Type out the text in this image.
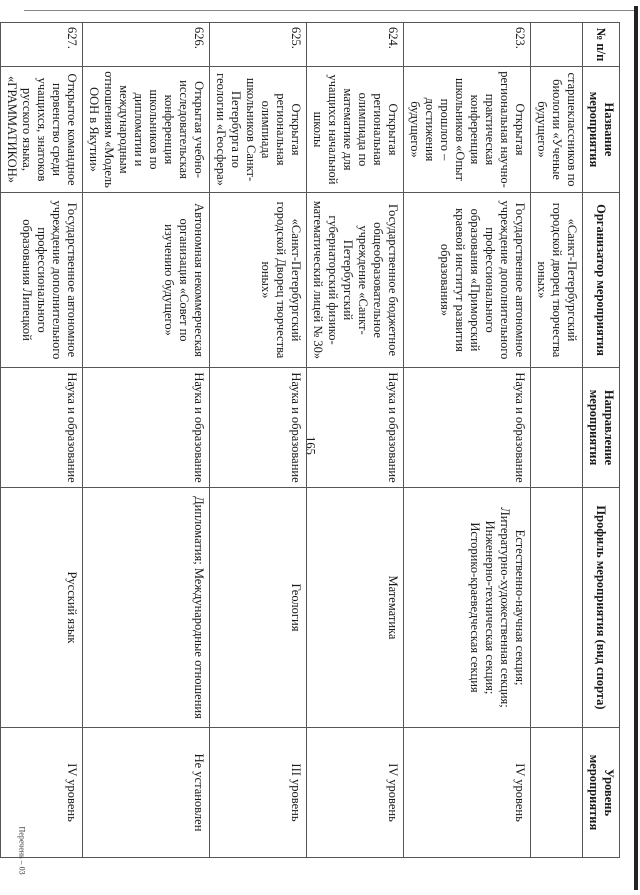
165
№ п/п	Название мероприятия	Организатор мероприятия	Направление мероприятия	Профиль мероприятия (вид спорта)	Уровень мероприятия
	старшеклассников по биологии «Ученые будущего»	«Санкт-Петербургский городской дворец творчества юных»			
623.	Открытая региональная научно-практическая конференция школьников «Опыт прошлого – достижения будущего»	Государственное автономное учреждение дополнительного профессионального образования «Приморский краевой институт развития образования»	Наука и образование	Естественно-научная секция; Литературно-художественная секция; Инженерно-техническая секция; Историко-краеведческая секция	IV уровень
624.	Открытая региональная олимпиада по математике для учащихся начальной школы	Государственное бюджетное общеобразовательное учреждение «Санкт-Петербургский губернаторский физико-математический лицей № 30»	Наука и образование	Математика	IV уровень
625.	Открытая региональная олимпиада школьников Санкт-Петербурга по геологии «Геосфера»	«Санкт-Петербургский городской Дворец творчества юных»	Наука и образование	Геология	III уровень
626.	Открытая учебно-исследовательская конференция школьников по дипломатии и международным отношениям «Модель ООН в Якутии»	Автономная некоммерческая организация «Совет по изучению будущего»	Наука и образование	Дипломатия; Международные отношения	Не установлен
627.	Открытое командное первенство среди учащихся, знатоков русского языка, «ГРАММАТИКОН»	Государственное автономное учреждение дополнительного профессионального образования Липецкой	Наука и образование	Русский язык	IV уровень
Перечень – 03
